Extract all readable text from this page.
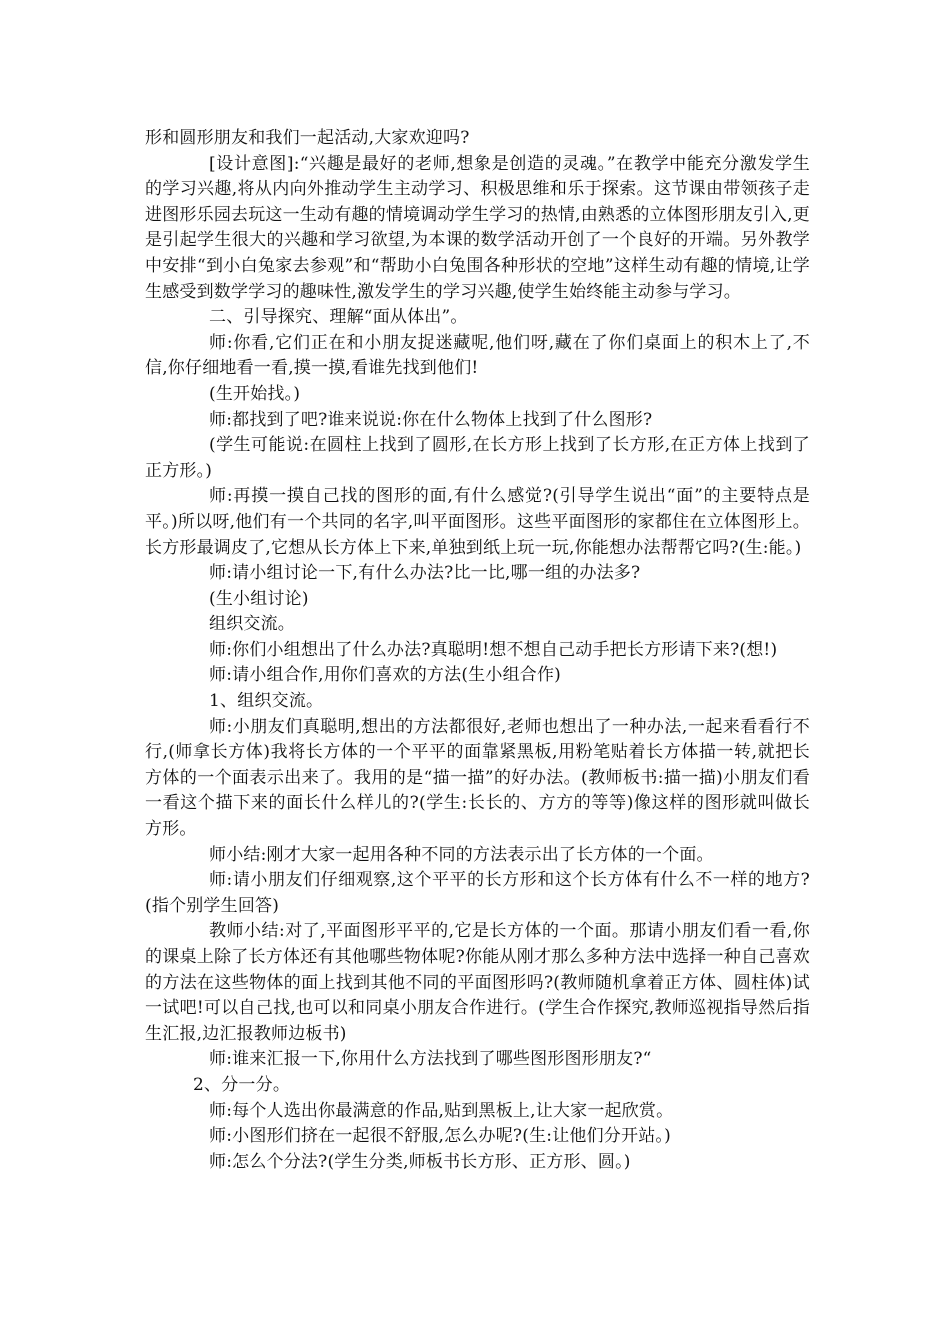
形和圆形朋友和我们一起活动,大家欢迎吗?

[设计意图]:“兴趣是最好的老师,想象是创造的灵魂。”在教学中能充分激发学生的学习兴趣,将从内向外推动学生主动学习、积极思维和乐于探索。这节课由带领孩子走进图形乐园去玩这一生动有趣的情境调动学生学习的热情,由熟悉的立体图形朋友引入,更是引起学生很大的兴趣和学习欲望,为本课的数学活动开创了一个良好的开端。另外教学中安排“到小白兔家去参观”和“帮助小白兔围各种形状的空地”这样生动有趣的情境,让学生感受到数学学习的趣味性,激发学生的学习兴趣,使学生始终能主动参与学习。

二、引导探究、理解“面从体出”。

师:你看,它们正在和小朋友捉迷藏呢,他们呀,藏在了你们桌面上的积木上了,不信,你仔细地看一看,摸一摸,看谁先找到他们!

(生开始找。)

师:都找到了吧?谁来说说:你在什么物体上找到了什么图形?

(学生可能说:在圆柱上找到了圆形,在长方形上找到了长方形,在正方体上找到了正方形。)

师:再摸一摸自己找的图形的面,有什么感觉?(引导学生说出“面”的主要特点是平。)所以呀,他们有一个共同的名字,叫平面图形。这些平面图形的家都住在立体图形上。长方形最调皮了,它想从长方体上下来,单独到纸上玩一玩,你能想办法帮帮它吗?(生:能。)

师:请小组讨论一下,有什么办法?比一比,哪一组的办法多?

(生小组讨论)

组织交流。

师:你们小组想出了什么办法?真聪明!想不想自己动手把长方形请下来?(想!)

师:请小组合作,用你们喜欢的方法(生小组合作)

1、组织交流。

师:小朋友们真聪明,想出的方法都很好,老师也想出了一种办法,一起来看看行不行,(师拿长方体)我将长方体的一个平平的面靠紧黑板,用粉笔贴着长方体描一转,就把长方体的一个面表示出来了。我用的是“描一描”的好办法。(教师板书:描一描)小朋友们看一看这个描下来的面长什么样儿的?(学生:长长的、方方的等等)像这样的图形就叫做长方形。

师小结:刚才大家一起用各种不同的方法表示出了长方体的一个面。

师:请小朋友们仔细观察,这个平平的长方形和这个长方体有什么不一样的地方?(指个别学生回答)

教师小结:对了,平面图形平平的,它是长方体的一个面。那请小朋友们看一看,你的课桌上除了长方体还有其他哪些物体呢?你能从刚才那么多种方法中选择一种自己喜欢的方法在这些物体的面上找到其他不同的平面图形吗?(教师随机拿着正方体、圆柱体)试一试吧!可以自己找,也可以和同桌小朋友合作进行。(学生合作探究,教师巡视指导然后指生汇报,边汇报教师边板书)

师:谁来汇报一下,你用什么方法找到了哪些图形图形朋友?“

2、分一分。

师:每个人选出你最满意的作品,贴到黑板上,让大家一起欣赏。

师:小图形们挤在一起很不舒服,怎么办呢?(生:让他们分开站。)

师:怎么个分法?(学生分类,师板书长方形、正方形、圆。)
